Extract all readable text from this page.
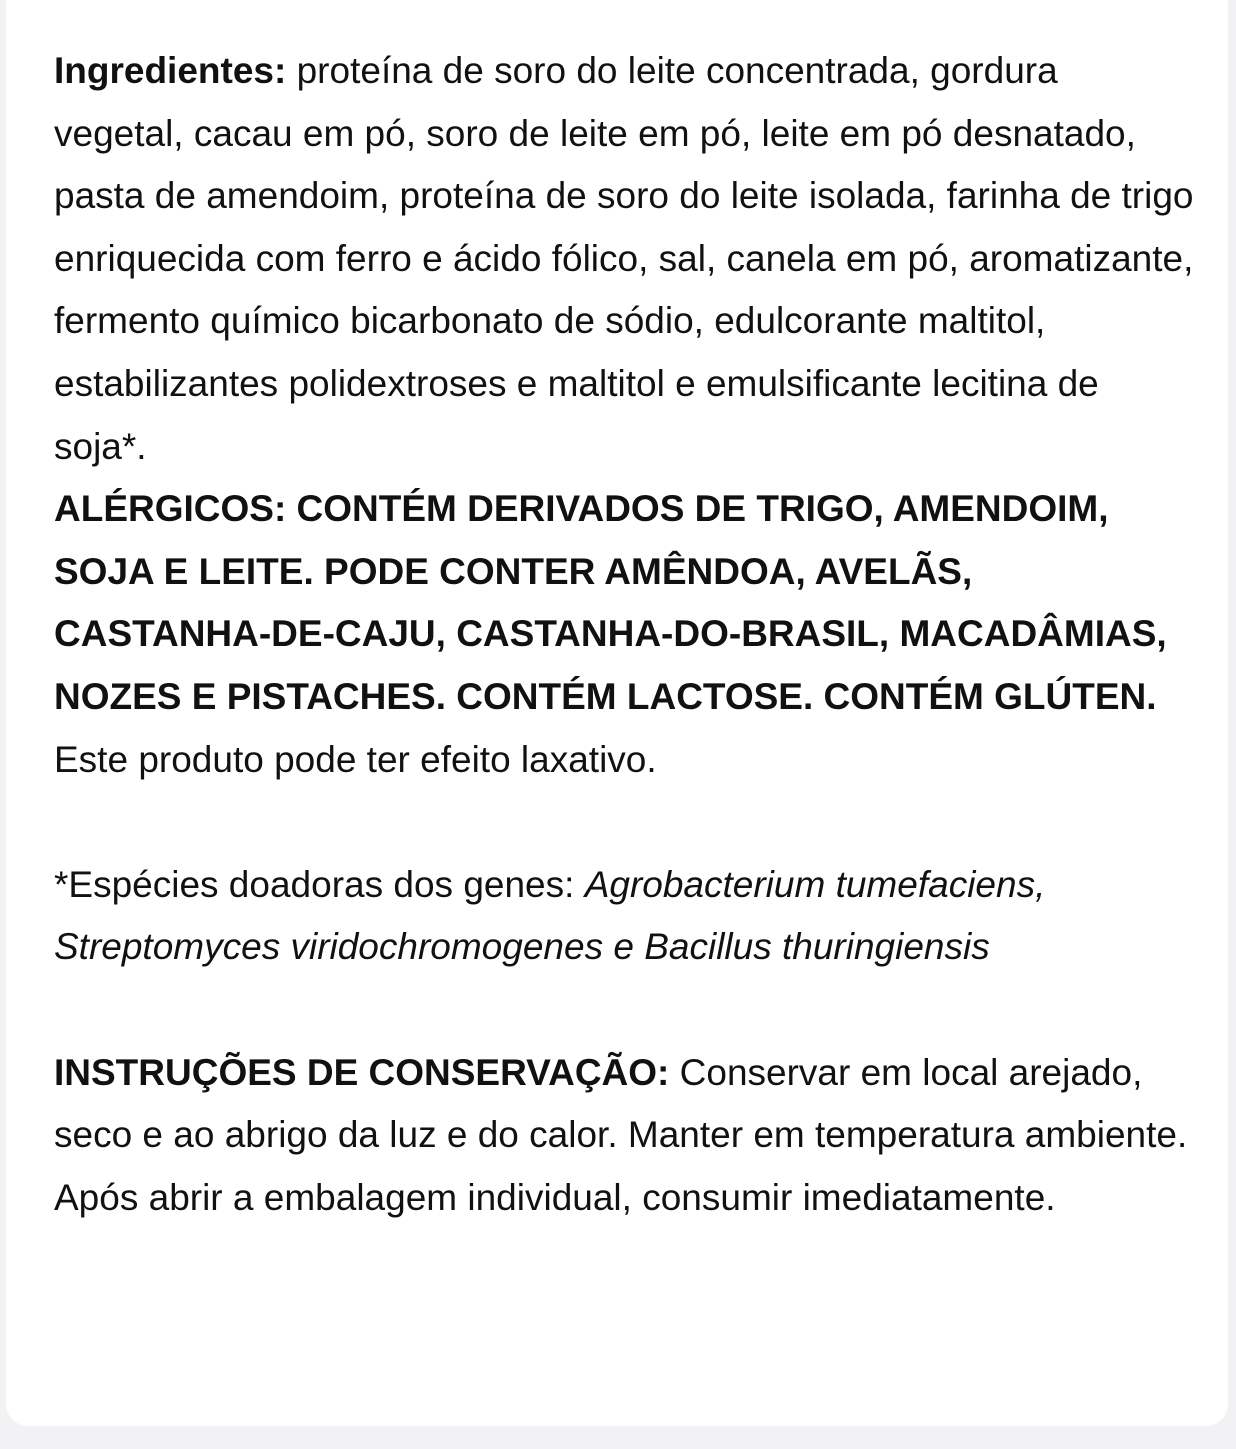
Ingredientes: proteína de soro do leite concentrada, gordura vegetal, cacau em pó, soro de leite em pó, leite em pó desnatado, pasta de amendoim, proteína de soro do leite isolada, farinha de trigo enriquecida com ferro e ácido fólico, sal, canela em pó, aromatizante, fermento químico bicarbonato de sódio, edulcorante maltitol, estabilizantes polidextroses e maltitol e emulsificante lecitina de soja*.

ALÉRGICOS: CONTÉM DERIVADOS DE TRIGO, AMENDOIM, SOJA E LEITE. PODE CONTER AMÊNDOA, AVELÃS, CASTANHA-DE-CAJU, CASTANHA-DO-BRASIL, MACADÂMIAS, NOZES E PISTACHES. CONTÉM LACTOSE. CONTÉM GLÚTEN.

Este produto pode ter efeito laxativo.

*Espécies doadoras dos genes: Agrobacterium tumefaciens, Streptomyces viridochromogenes e Bacillus thuringiensis

INSTRUÇÕES DE CONSERVAÇÃO: Conservar em local arejado, seco e ao abrigo da luz e do calor. Manter em temperatura ambiente. Após abrir a embalagem individual, consumir imediatamente.
